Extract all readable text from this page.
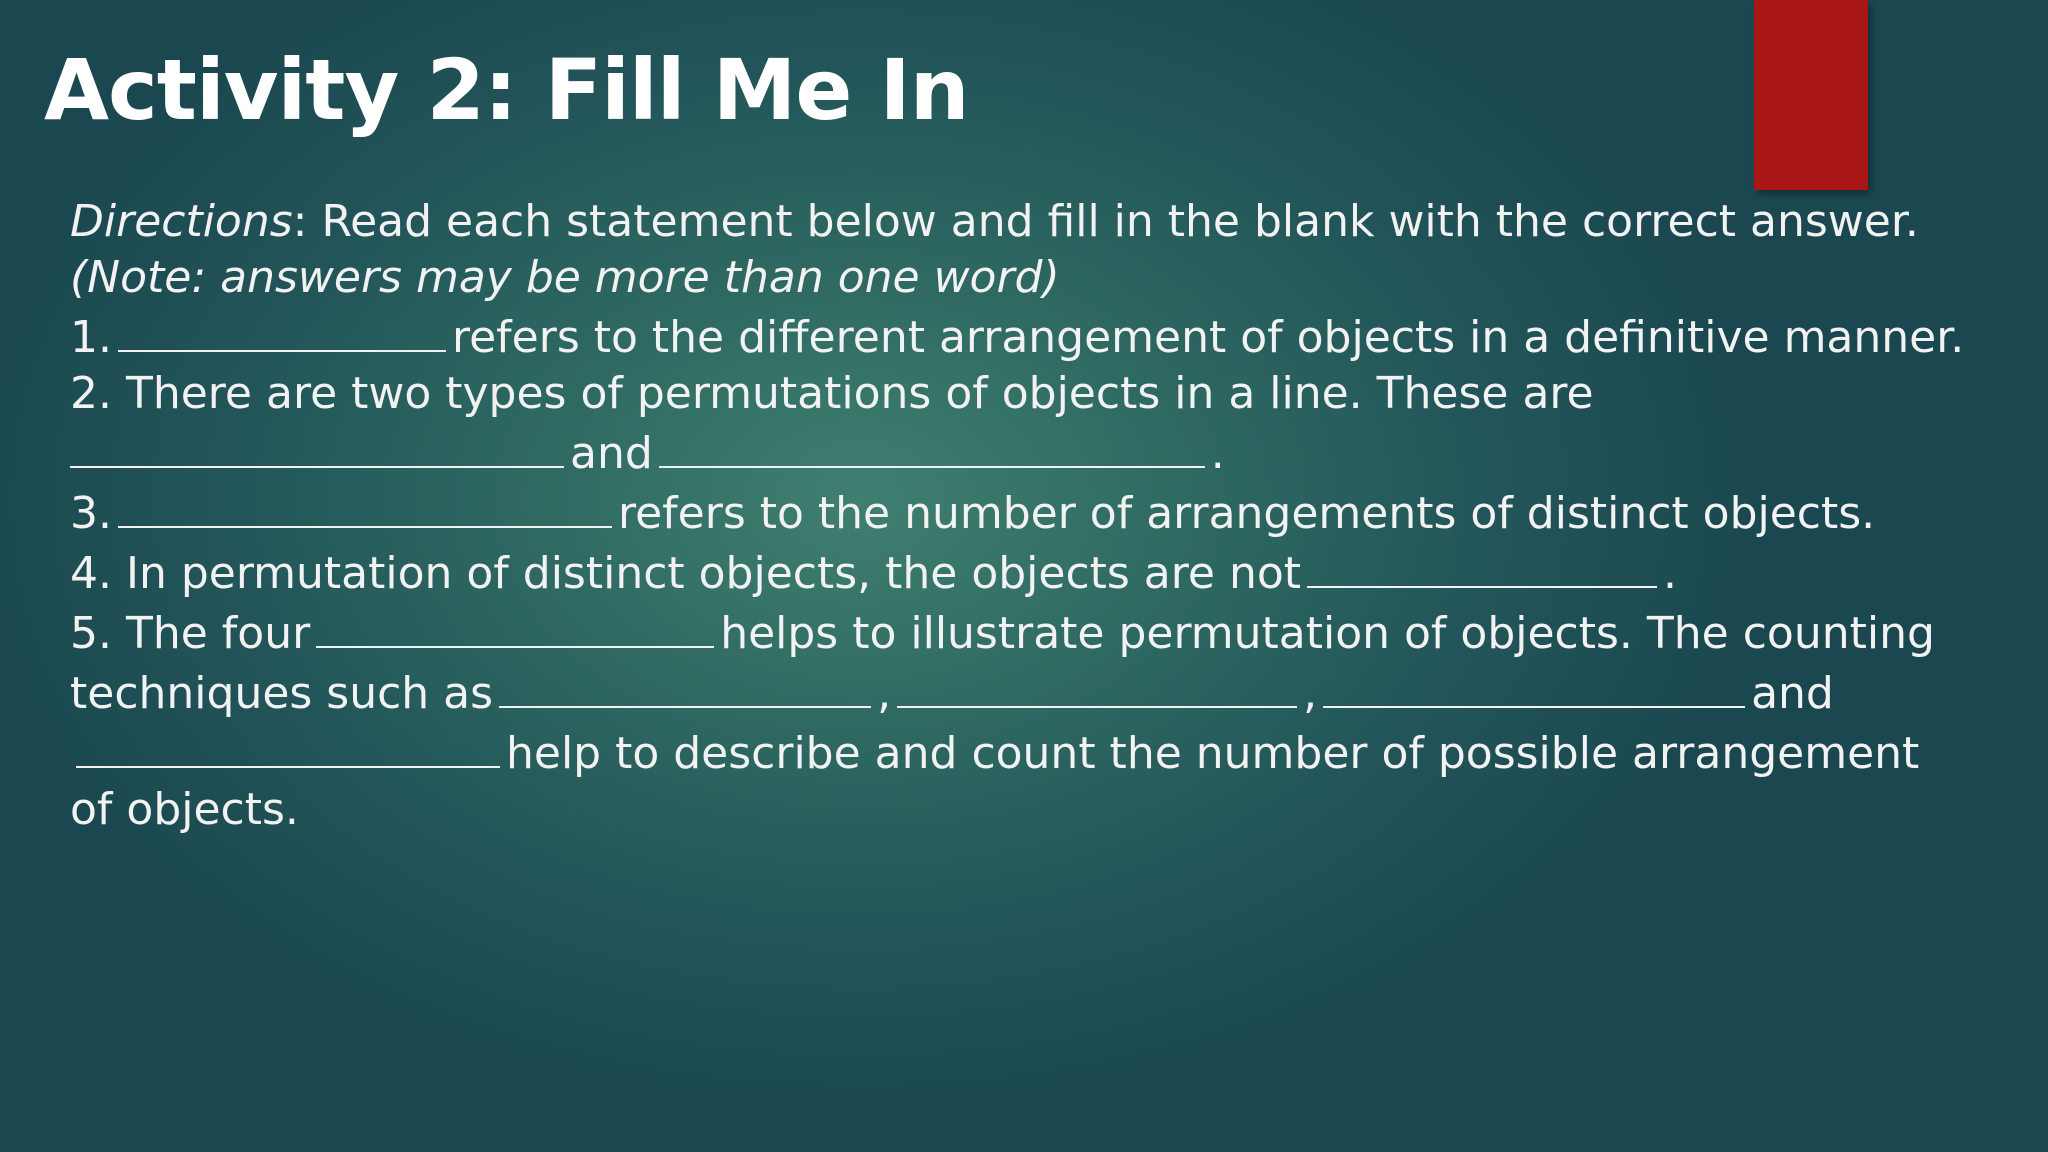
Activity 2: Fill Me In

Directions: Read each statement below and fill in the blank with the correct answer. (Note: answers may be more than one word)

1.	refers to the different arrangement of objects in a definitive manner.

2. There are two types of permutations of objects in a line. These are
and	.

3.	refers to the number of arrangements of distinct objects.

4. In permutation of distinct objects, the objects are not	.

5. The four	helps to illustrate permutation of objects. The counting techniques such as	,	,	andhelp to describe and count the number of possible arrangement of objects.
